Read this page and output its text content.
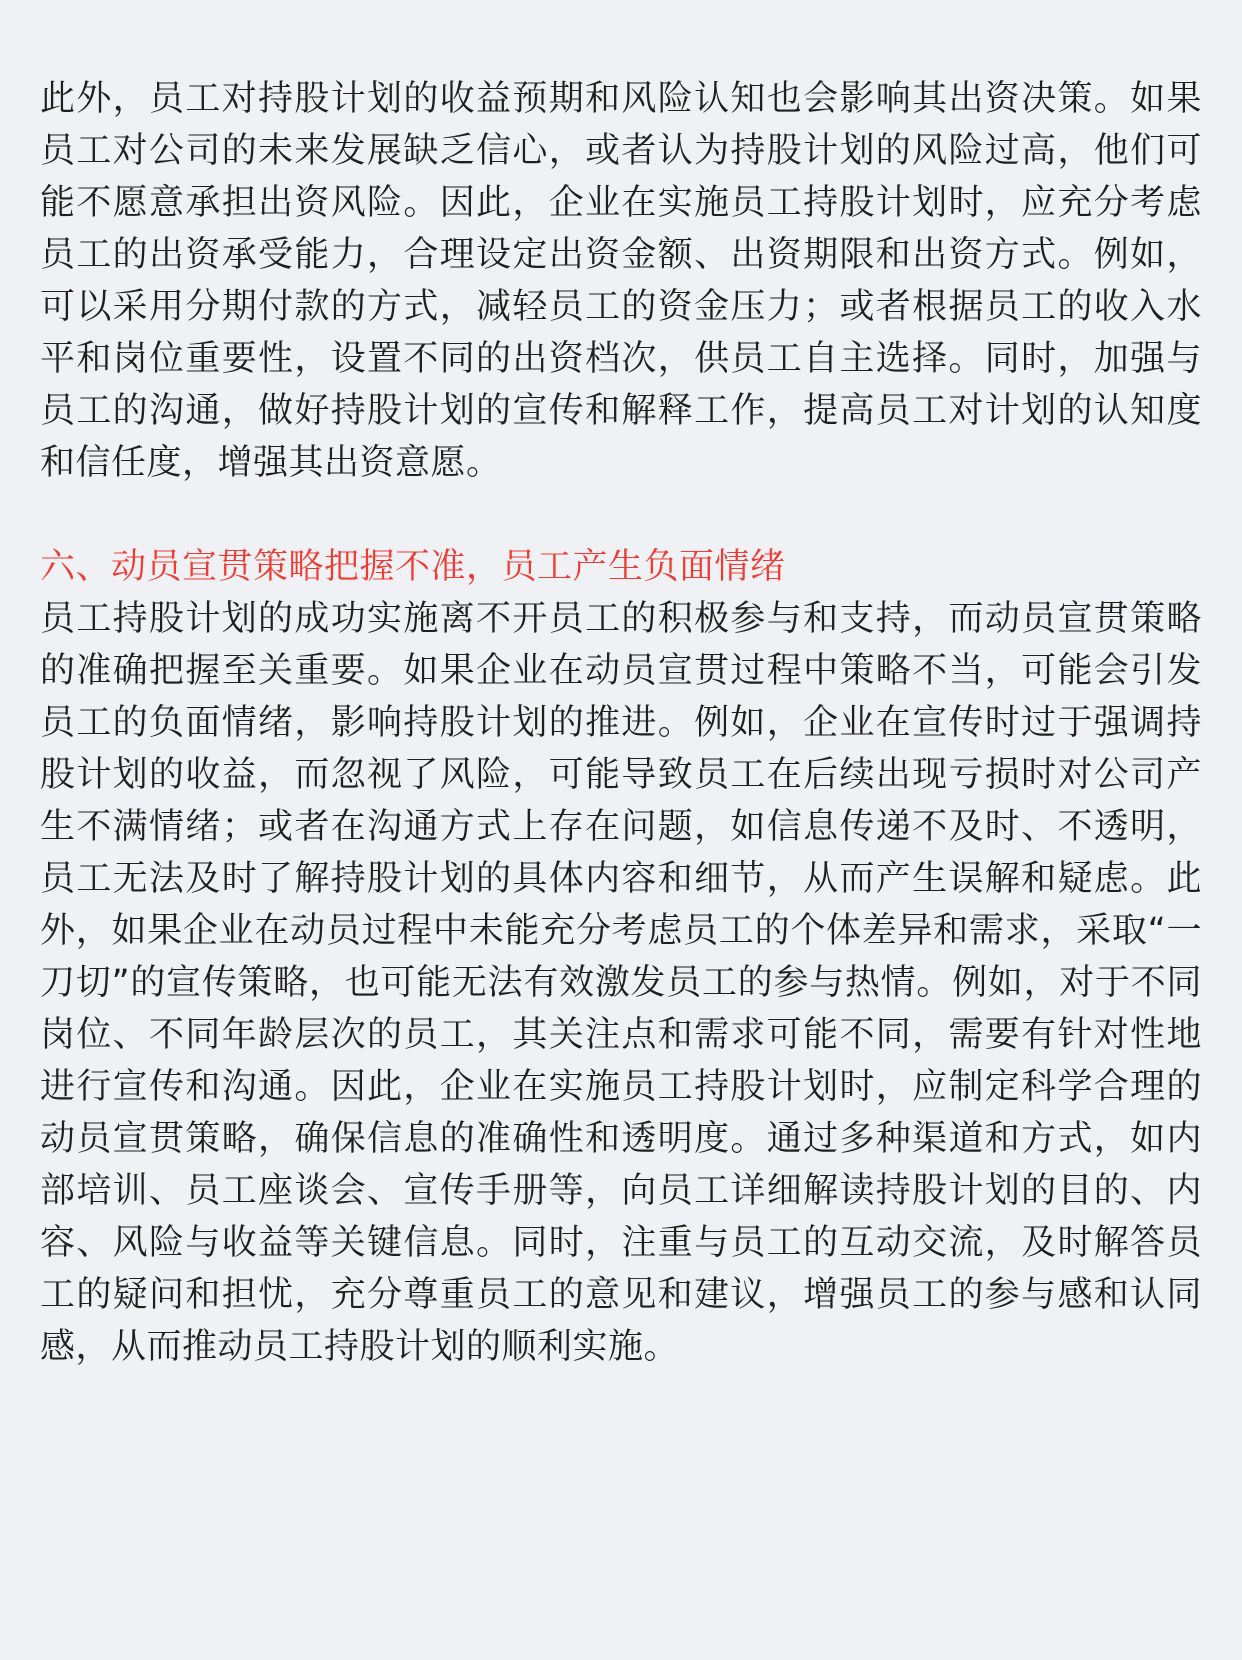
此外，员工对持股计划的收益预期和风险认知也会影响其出资决策。如果员工对公司的未来发展缺乏信心，或者认为持股计划的风险过高，他们可能不愿意承担出资风险。因此，企业在实施员工持股计划时，应充分考虑员工的出资承受能力，合理设定出资金额、出资期限和出资方式。例如，可以采用分期付款的方式，减轻员工的资金压力；或者根据员工的收入水平和岗位重要性，设置不同的出资档次，供员工自主选择。同时，加强与员工的沟通，做好持股计划的宣传和解释工作，提高员工对计划的认知度和信任度，增强其出资意愿。

六、动员宣贯策略把握不准，员工产生负面情绪

员工持股计划的成功实施离不开员工的积极参与和支持，而动员宣贯策略的准确把握至关重要。如果企业在动员宣贯过程中策略不当，可能会引发员工的负面情绪，影响持股计划的推进。例如，企业在宣传时过于强调持股计划的收益，而忽视了风险，可能导致员工在后续出现亏损时对公司产生不满情绪；或者在沟通方式上存在问题，如信息传递不及时、不透明，员工无法及时了解持股计划的具体内容和细节，从而产生误解和疑虑。此外，如果企业在动员过程中未能充分考虑员工的个体差异和需求，采取“一刀切”的宣传策略，也可能无法有效激发员工的参与热情。例如，对于不同岗位、不同年龄层次的员工，其关注点和需求可能不同，需要有针对性地进行宣传和沟通。因此，企业在实施员工持股计划时，应制定科学合理的动员宣贯策略，确保信息的准确性和透明度。通过多种渠道和方式，如内部培训、员工座谈会、宣传手册等，向员工详细解读持股计划的目的、内容、风险与收益等关键信息。同时，注重与员工的互动交流，及时解答员工的疑问和担忧，充分尊重员工的意见和建议，增强员工的参与感和认同感，从而推动员工持股计划的顺利实施。
